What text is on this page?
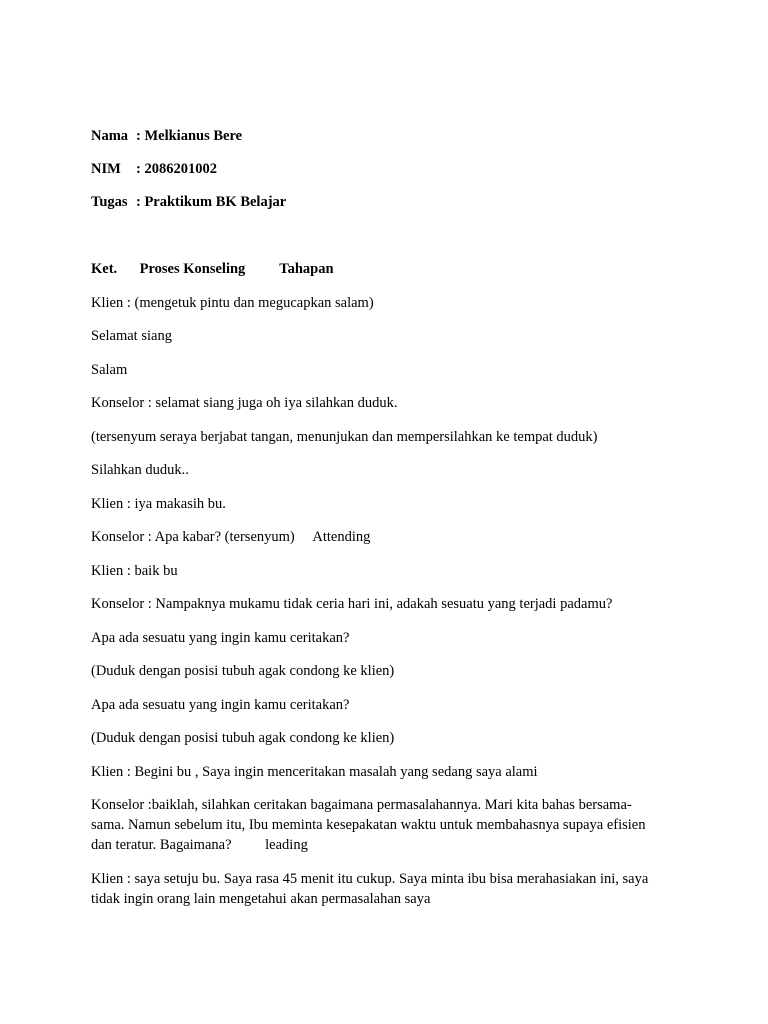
Nama : Melkianus Bere
NIM	: 2086201002
Tugas : Praktikum BK Belajar
Ket. Proses Konseling Tahapan
Klien : (mengetuk pintu dan megucapkan salam)
Selamat siang
Salam
Konselor : selamat siang juga oh iya silahkan duduk.
(tersenyum seraya berjabat tangan, menunjukan dan mempersilahkan ke tempat duduk)
Silahkan duduk..
Klien : iya makasih bu.
Konselor : Apa kabar? (tersenyum) Attending
Klien : baik bu
Konselor : Nampaknya mukamu tidak ceria hari ini, adakah sesuatu yang terjadi padamu?
Apa ada sesuatu yang ingin kamu ceritakan?
(Duduk dengan posisi tubuh agak condong ke klien)
Apa ada sesuatu yang ingin kamu ceritakan?
(Duduk dengan posisi tubuh agak condong ke klien)
Klien : Begini bu , Saya ingin menceritakan masalah yang sedang saya alami
Konselor :baiklah, silahkan ceritakan bagaimana permasalahannya. Mari kita bahas bersama-
sama. Namun sebelum itu, Ibu meminta kesepakatan waktu untuk membahasnya supaya efisien
dan teratur. Bagaimana? leading
Klien : saya setuju bu. Saya rasa 45 menit itu cukup. Saya minta ibu bisa merahasiakan ini, saya
tidak ingin orang lain mengetahui akan permasalahan saya
